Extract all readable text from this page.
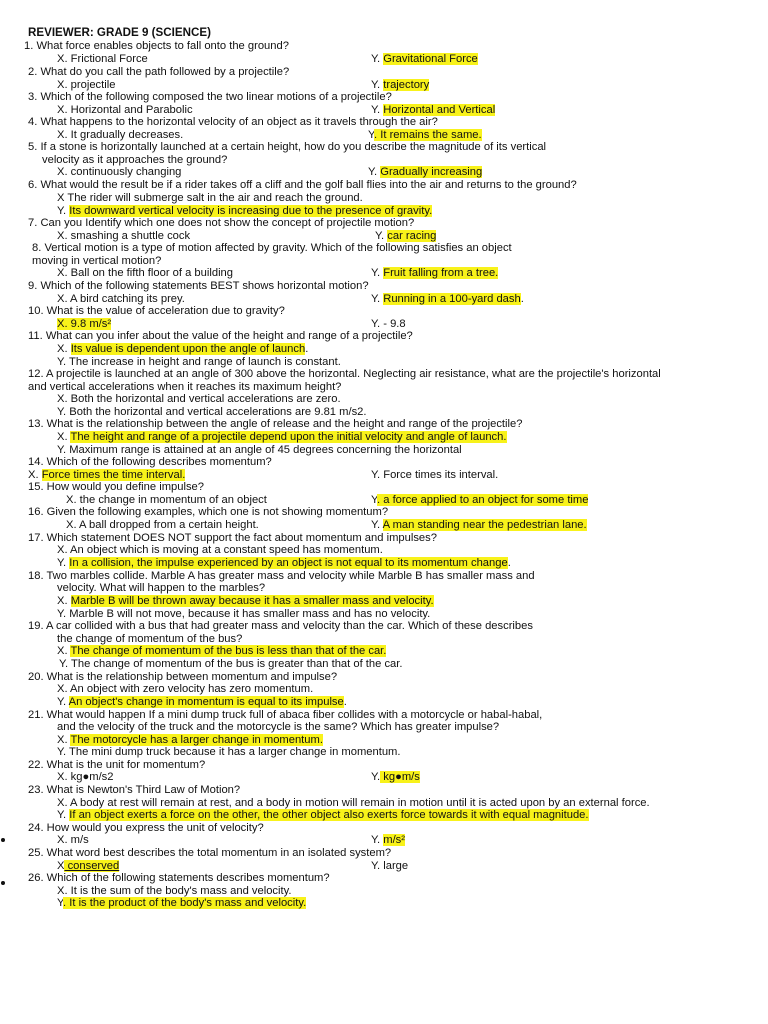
REVIEWER: GRADE 9 (SCIENCE)
1. What force enables objects to fall onto the ground?
X. Frictional Force	Y. Gravitational Force
2. What do you call the path followed by a projectile?
X. projectile	Y. trajectory
3. Which of the following composed the two linear motions of a projectile?
X. Horizontal and Parabolic	Y. Horizontal and Vertical
4. What happens to the horizontal velocity of an object as it travels through the air?
X. It gradually decreases.	Y. It remains the same.
5. If a stone is horizontally launched at a certain height, how do you describe the magnitude of its vertical
velocity as it approaches the ground?
X. continuously changing	Y. Gradually increasing
6. What would the result be if a rider takes off a cliff and the golf ball flies into the air and returns to the ground?
X The rider will submerge salt in the air and reach the ground.
Y. Its downward vertical velocity is increasing due to the presence of gravity.
7. Can you Identify which one does not show the concept of projectile motion?
X. smashing a shuttle cock	Y. car racing
8. Vertical motion is a type of motion affected by gravity. Which of the following satisfies an object
moving in vertical motion?
X. Ball on the fifth floor of a building	Y. Fruit falling from a tree.
9. Which of the following statements BEST shows horizontal motion?
X. A bird catching its prey.	Y. Running in a 100-yard dash.
10. What is the value of acceleration due to gravity?
X. 9.8 m/s²	Y. - 9.8
11. What can you infer about the value of the height and range of a projectile?
X. Its value is dependent upon the angle of launch.
Y. The increase in height and range of launch is constant.
12. A projectile is launched at an angle of 300 above the horizontal. Neglecting air resistance, what are the projectile's horizontal
and vertical accelerations when it reaches its maximum height?
X. Both the horizontal and vertical accelerations are zero.
Y. Both the horizontal and vertical accelerations are 9.81 m/s2.
13. What is the relationship between the angle of release and the height and range of the projectile?
X. The height and range of a projectile depend upon the initial velocity and angle of launch.
Y. Maximum range is attained at an angle of 45 degrees concerning the horizontal
14. Which of the following describes momentum?
X. Force times the time interval.	Y. Force times its interval.
15. How would you define impulse?
X. the change in momentum of an object	Y. a force applied to an object for some time
16. Given the following examples, which one is not showing momentum?
X. A ball dropped from a certain height.	Y. A man standing near the pedestrian lane.
17. Which statement DOES NOT support the fact about momentum and impulses?
X. An object which is moving at a constant speed has momentum.
Y. In a collision, the impulse experienced by an object is not equal to its momentum change.
18. Two marbles collide. Marble A has greater mass and velocity while Marble B has smaller mass and
velocity. What will happen to the marbles?
X. Marble B will be thrown away because it has a smaller mass and velocity.
Y. Marble B will not move, because it has smaller mass and has no velocity.
19. A car collided with a bus that had greater mass and velocity than the car. Which of these describes
the change of momentum of the bus?
X. The change of momentum of the bus is less than that of the car.
Y. The change of momentum of the bus is greater than that of the car.
20. What is the relationship between momentum and impulse?
X. An object with zero velocity has zero momentum.
Y. An object's change in momentum is equal to its impulse.
21. What would happen If a mini dump truck full of abaca fiber collides with a motorcycle or habal-habal,
and the velocity of the truck and the motorcycle is the same? Which has greater impulse?
X. The motorcycle has a larger change in momentum.
Y. The mini dump truck because it has a larger change in momentum.
22. What is the unit for momentum?
X. kg●m/s2	Y. kg●m/s
23. What is Newton's Third Law of Motion?
X. A body at rest will remain at rest, and a body in motion will remain in motion until it is acted upon by an external force.
Y. If an object exerts a force on the other, the other object also exerts force towards it with equal magnitude.
24. How would you express the unit of velocity?
X. m/s	Y. m/s²
25. What word best describes the total momentum in an isolated system?
X conserved	Y. large
26. Which of the following statements describes momentum?
X. It is the sum of the body's mass and velocity.
Y. It is the product of the body's mass and velocity.
